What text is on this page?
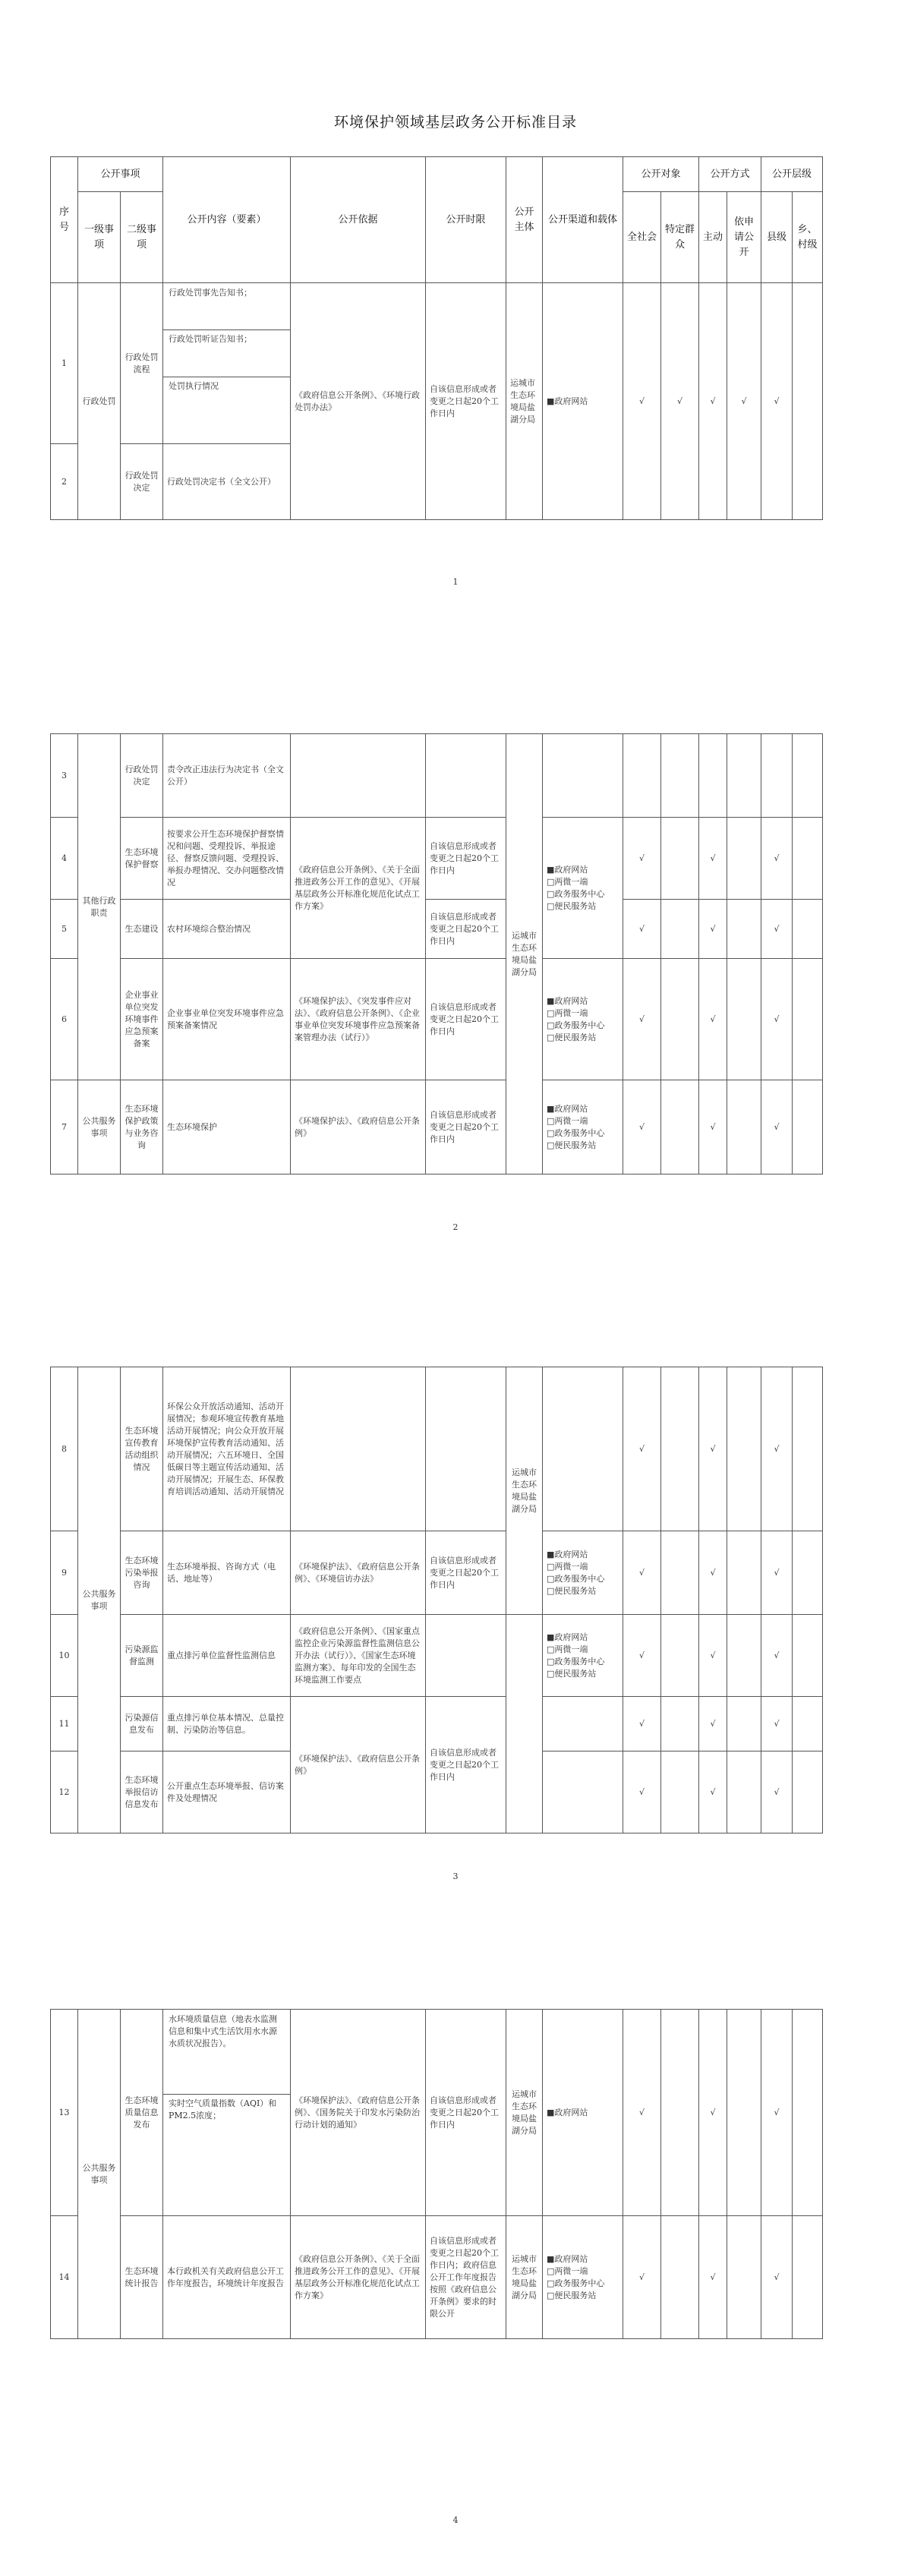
环境保护领域基层政务公开标准目录
序号	公开事项		公开内容（要素）	公开依据	公开时限	公开主体	公开渠道和载体	公开对象		公开方式		公开层级	
	一级事项	二级事项						全社会	特定群众	主动	依申请公开	县级	乡、村级
1	行政处罚	行政处罚流程	行政处罚事先告知书；
行政处罚听证告知书；
处罚执行情况	《政府信息公开条例》、《环境行政处罚办法》	自该信息形成或者变更之日起20个工作日内	运城市生态环境局盐湖分局	■政府网站	√	√	√	√	√	
2		行政处罚决定	行政处罚决定书（全文公开）										
1
3	其他行政职责	行政处罚决定	责令改正违法行为决定书（全文公开）			运城市生态环境局盐湖分局							
4		生态环境保护督察	按要求公开生态环境保护督察情况和问题、受理投诉、举报途径、督察反馈问题、受理投诉、举报办理情况、交办问题整改情况	《政府信息公开条例》、《关于全面推进政务公开工作的意见》、《开展基层政务公开标准化规范化试点工作方案》	自该信息形成或者变更之日起20个工作日内		■政府网站
□两微一端
□政务服务中心
□便民服务站	√		√		√	
5		生态建设	农村环境综合整治情况		自该信息形成或者变更之日起20个工作日内			√		√		√	
6		企业事业单位突发环境事件应急预案备案	企业事业单位突发环境事件应急预案备案情况	《环境保护法》、《突发事件应对法》、《政府信息公开条例》、《企业事业单位突发环境事件应急预案备案管理办法（试行）》	自该信息形成或者变更之日起20个工作日内		■政府网站
□两微一端
□政务服务中心
□便民服务站	√		√		√	
7	公共服务事项	生态环境保护政策与业务咨询	生态环境保护	《环境保护法》、《政府信息公开条例》	自该信息形成或者变更之日起20个工作日内		■政府网站
□两微一端
□政务服务中心
□便民服务站	√		√		√	
2
8	公共服务事项	生态环境宣传教育活动组织情况	环保公众开放活动通知、活动开展情况；参观环境宣传教育基地活动开展情况；向公众开放开展环境保护宣传教育活动通知、活动开展情况；六五环境日、全国低碳日等主题宣传活动通知、活动开展情况；开展生态、环保教育培训活动通知、活动开展情况			运城市生态环境局盐湖分局		√		√		√	
9		生态环境污染举报咨询	生态环境举报、咨询方式（电话、地址等）	《环境保护法》、《政府信息公开条例》、《环境信访办法》	自该信息形成或者变更之日起20个工作日内		■政府网站
□两微一端
□政务服务中心
□便民服务站	√		√		√	
10		污染源监督监测	重点排污单位监督性监测信息	《政府信息公开条例》、《国家重点监控企业污染源监督性监测信息公开办法（试行）》、《国家生态环境监测方案》、每年印发的全国生态环境监测工作要点			■政府网站
□两微一端
□政务服务中心
□便民服务站	√		√		√	
11		污染源信息发布	重点排污单位基本情况、总量控制、污染防治等信息。	《环境保护法》、《政府信息公开条例》	自该信息形成或者变更之日起20个工作日内			√		√		√	
12		生态环境举报信访信息发布	公开重点生态环境举报、信访案件及处理情况					√		√		√	
3
13	公共服务事项	生态环境质量信息发布	水环境质量信息（地表水监测信息和集中式生活饮用水水源水质状况报告）。
实时空气质量指数（AQI）和PM2.5浓度；	《环境保护法》、《政府信息公开条例》、《国务院关于印发水污染防治行动计划的通知》	自该信息形成或者变更之日起20个工作日内	运城市生态环境局盐湖分局	■政府网站	√		√		√	
14		生态环境统计报告	本行政机关有关政府信息公开工作年度报告，环境统计年度报告	《政府信息公开条例》、《关于全面推进政务公开工作的意见》、《开展基层政务公开标准化规范化试点工作方案》	自该信息形成或者变更之日起20个工作日内；政府信息公开工作年度报告按照《政府信息公开条例》要求的时限公开	运城市生态环境局盐湖分局	■政府网站
□两微一端
□政务服务中心
□便民服务站	√		√		√	
4
